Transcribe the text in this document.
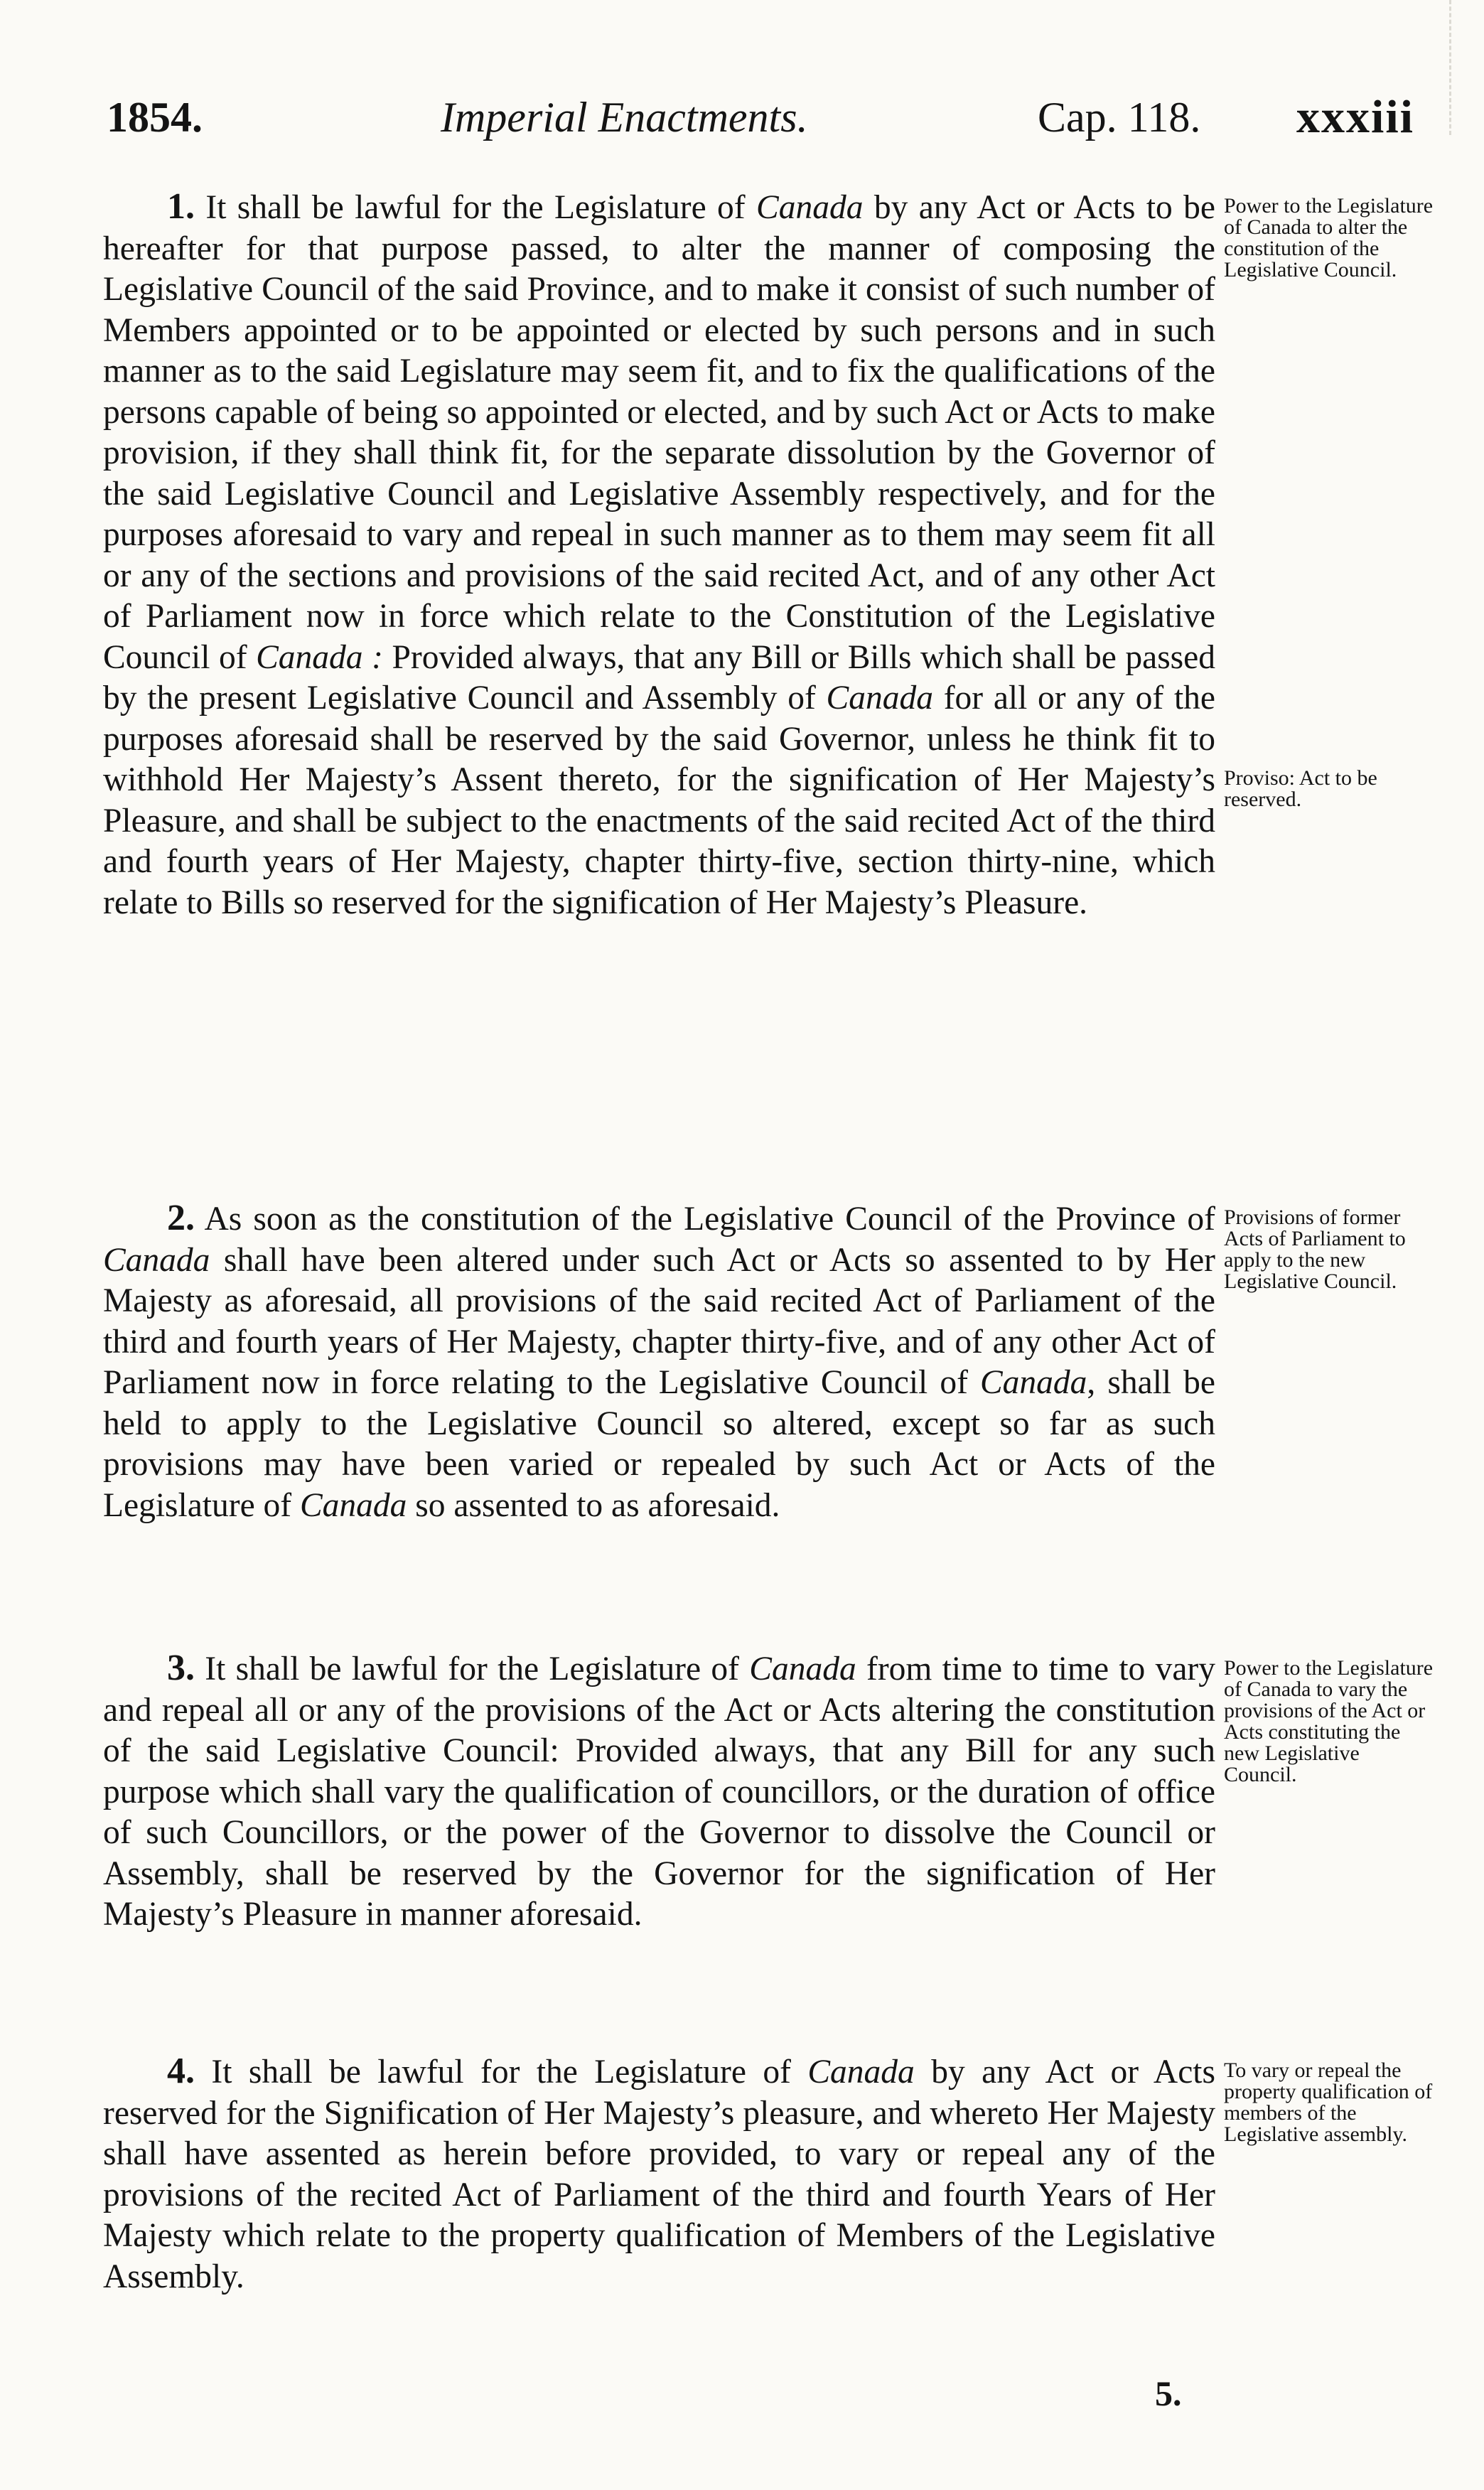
1854.	Imperial Enactments.	Cap. 118. xxxiii

1. It shall be lawful for the Legislature of Canada by any Act or Acts to be hereafter for that purpose passed, to alter the manner of composing the Legislative Council of the said Province, and to make it consist of such number of Members appointed or to be appointed or elected by such persons and in such manner as to the said Legislature may seem fit, and to fix the qualifications of the persons capable of being so appointed or elected, and by such Act or Acts to make provision, if they shall think fit, for the separate dissolution by the Governor of the said Legislative Council and Legislative Assembly respectively, and for the purposes aforesaid to vary and repeal in such manner as to them may seem fit all or any of the sections and provisions of the said recited Act, and of any other Act of Parliament now in force which relate to the Constitution of the Legislative Council of Canada : Provided always, that any Bill or Bills which shall be passed by the present Legislative Council and Assembly of Canada for all or any of the purposes aforesaid shall be reserved by the said Governor, unless he think fit to withhold Her Majesty’s Assent thereto, for the signification of Her Majesty’s Pleasure, and shall be subject to the enactments of the said recited Act of the third and fourth years of Her Majesty, chapter thirty-five, section thirty-nine, which relate to Bills so reserved for the signification of Her Majesty’s Pleasure.

2. As soon as the constitution of the Legislative Council of the Province of Canada shall have been altered under such Act or Acts so assented to by Her Majesty as aforesaid, all provisions of the said recited Act of Parliament of the third and fourth years of Her Majesty, chapter thirty-five, and of any other Act of Parliament now in force relating to the Legislative Council of Canada, shall be held to apply to the Legislative Council so altered, except so far as such provisions may have been varied or repealed by such Act or Acts of the Legislature of Canada so assented to as aforesaid.

3. It shall be lawful for the Legislature of Canada from time to time to vary and repeal all or any of the provisions of the Act or Acts altering the constitution of the said Legislative Council: Provided always, that any Bill for any such purpose which shall vary the qualification of councillors, or the duration of office of such Councillors, or the power of the Governor to dissolve the Council or Assembly, shall be reserved by the Governor for the signification of Her Majesty’s Pleasure in manner aforesaid.

4. It shall be lawful for the Legislature of Canada by any Act or Acts reserved for the Signification of Her Majesty’s pleasure, and whereto Her Majesty shall have assented as herein before provided, to vary or repeal any of the provisions of the recited Act of Parliament of the third and fourth Years of Her Majesty which relate to the property qualification of Members of the Legislative Assembly.

Power to the Legislature of Canada to alter the constitution of the Legislative Council.
Proviso: Act to be reserved.
Provisions of former Acts of Parliament to apply to the new Legislative Council.
Power to the Legislature of Canada to vary the provisions of the Act or Acts constituting the new Legislative Council.
To vary or repeal the property qualification of members of the Legislative assembly.
5.
